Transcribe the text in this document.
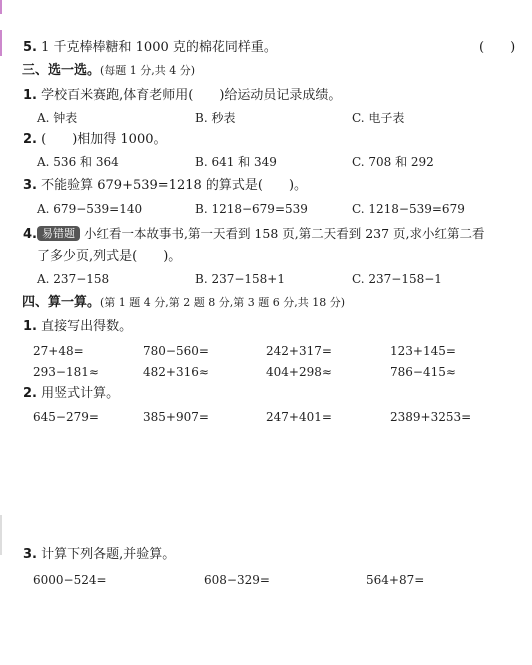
5. 1 千克棒棒糖和 1000 克的棉花同样重。	(　　)
三、选一选。(每题 1 分,共 4 分)
1. 学校百米赛跑,体育老师用(　　)给运动员记录成绩。
A. 钟表	B. 秒表	C. 电子表
2. (　　)相加得 1000。
A. 536 和 364	B. 641 和 349	C. 708 和 292
3. 不能验算 679+539=1218 的算式是(　　)。
A. 679−539=140	B. 1218−679=539	C. 1218−539=679
4. 易错题 小红看一本故事书,第一天看到 158 页,第二天看到 237 页,求小红第二看
了多少页,列式是(　　)。
A. 237−158	B. 237−158+1	C. 237−158−1
四、算一算。(第 1 题 4 分,第 2 题 8 分,第 3 题 6 分,共 18 分)
1. 直接写出得数。
27+48=	780−560=	242+317=	123+145=
293−181≈	482+316≈	404+298≈	786−415≈
2. 用竖式计算。
645−279=	385+907=	247+401=	2389+3253=
3. 计算下列各题,并验算。
6000−524=	608−329=	564+87=
